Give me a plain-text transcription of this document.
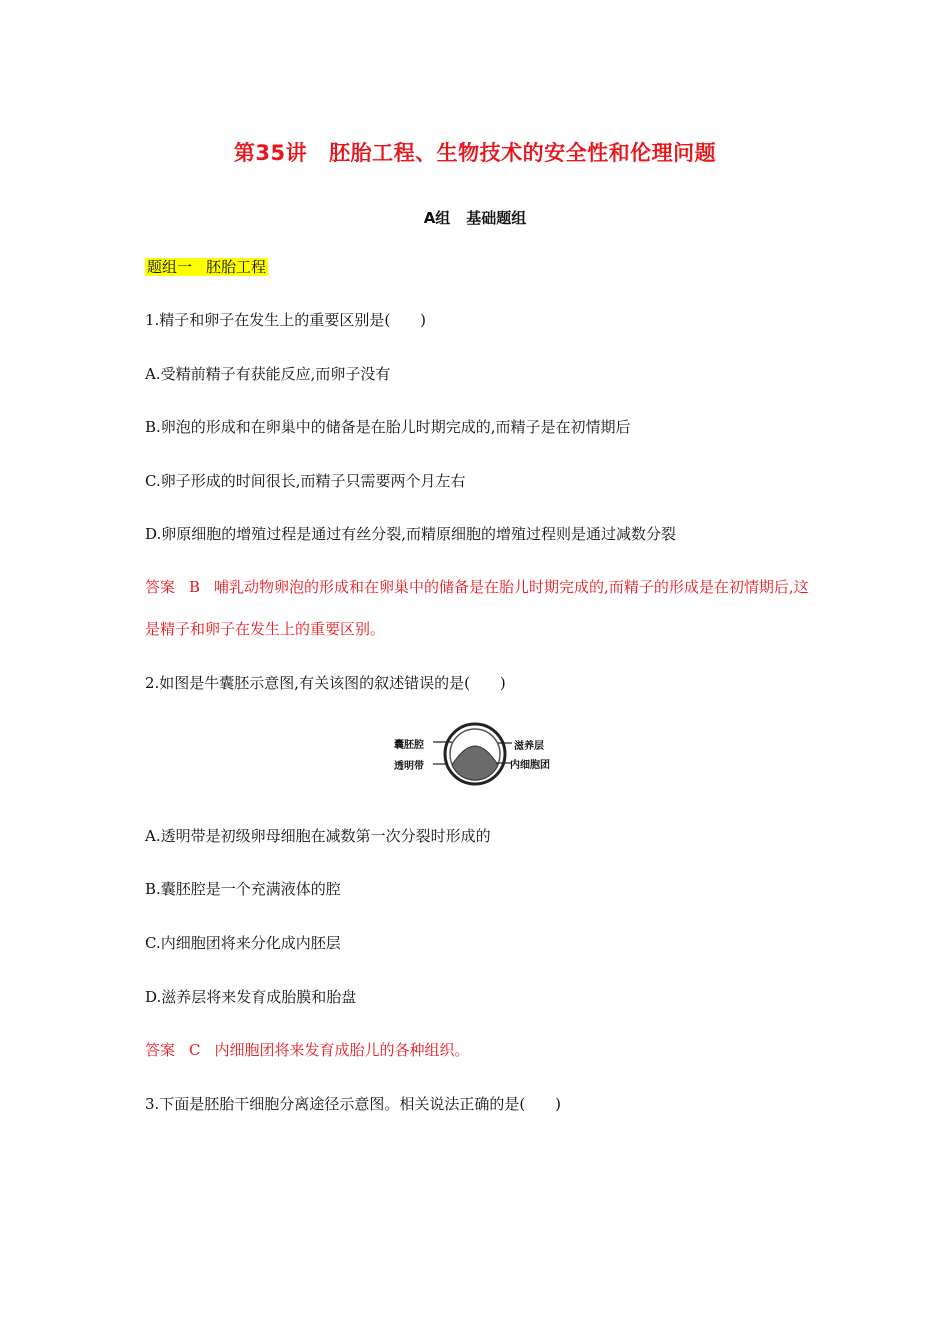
第35讲 胚胎工程、生物技术的安全性和伦理问题
A组 基础题组
题组一 胚胎工程
1.精子和卵子在发生上的重要区别是(　　)
A.受精前精子有获能反应,而卵子没有
B.卵泡的形成和在卵巢中的储备是在胎儿时期完成的,而精子是在初情期后
C.卵子形成的时间很长,而精子只需要两个月左右
D.卵原细胞的增殖过程是通过有丝分裂,而精原细胞的增殖过程则是通过减数分裂
答案 B 哺乳动物卵泡的形成和在卵巢中的储备是在胎儿时期完成的,而精子的形成是在初情期后,这是精子和卵子在发生上的重要区别。
2.如图是牛囊胚示意图,有关该图的叙述错误的是(　　)
囊胚腔
透明带
滋养层
内细胞团
A.透明带是初级卵母细胞在减数第一次分裂时形成的
B.囊胚腔是一个充满液体的腔
C.内细胞团将来分化成内胚层
D.滋养层将来发育成胎膜和胎盘
答案 C 内细胞团将来发育成胎儿的各种组织。
3.下面是胚胎干细胞分离途径示意图。相关说法正确的是(　　)
